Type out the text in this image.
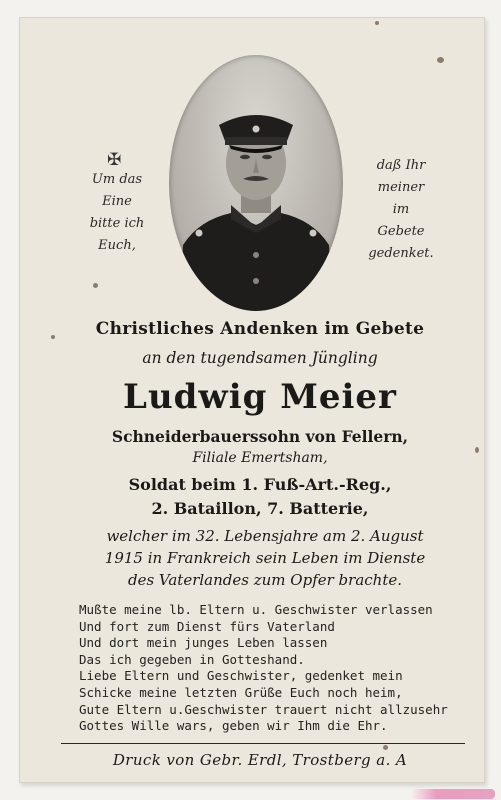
✠
Um das
Eine
bitte ich
Euch,
daß Ihr
meiner
im
Gebete
gedenket.
Christliches Andenken im Gebete
an den tugendsamen Jüngling
Ludwig Meier
Schneiderbauerssohn von Fellern,
Filiale Emertsham,
Soldat beim 1. Fuß-Art.-Reg.,
2. Bataillon, 7. Batterie,
welcher im 32. Lebensjahre am 2. August
1915 in Frankreich sein Leben im Dienste
des Vaterlandes zum Opfer brachte.
Mußte meine lb. Eltern u. Geschwister verlassen
Und fort zum Dienst fürs Vaterland
Und dort mein junges Leben lassen
Das ich gegeben in Gotteshand.
Liebe Eltern und Geschwister, gedenket mein
Schicke meine letzten Grüße Euch noch heim,
Gute Eltern u.Geschwister trauert nicht allzusehr
Gottes Wille wars, geben wir Ihm die Ehr.
Druck von Gebr. Erdl, Trostberg a. A
